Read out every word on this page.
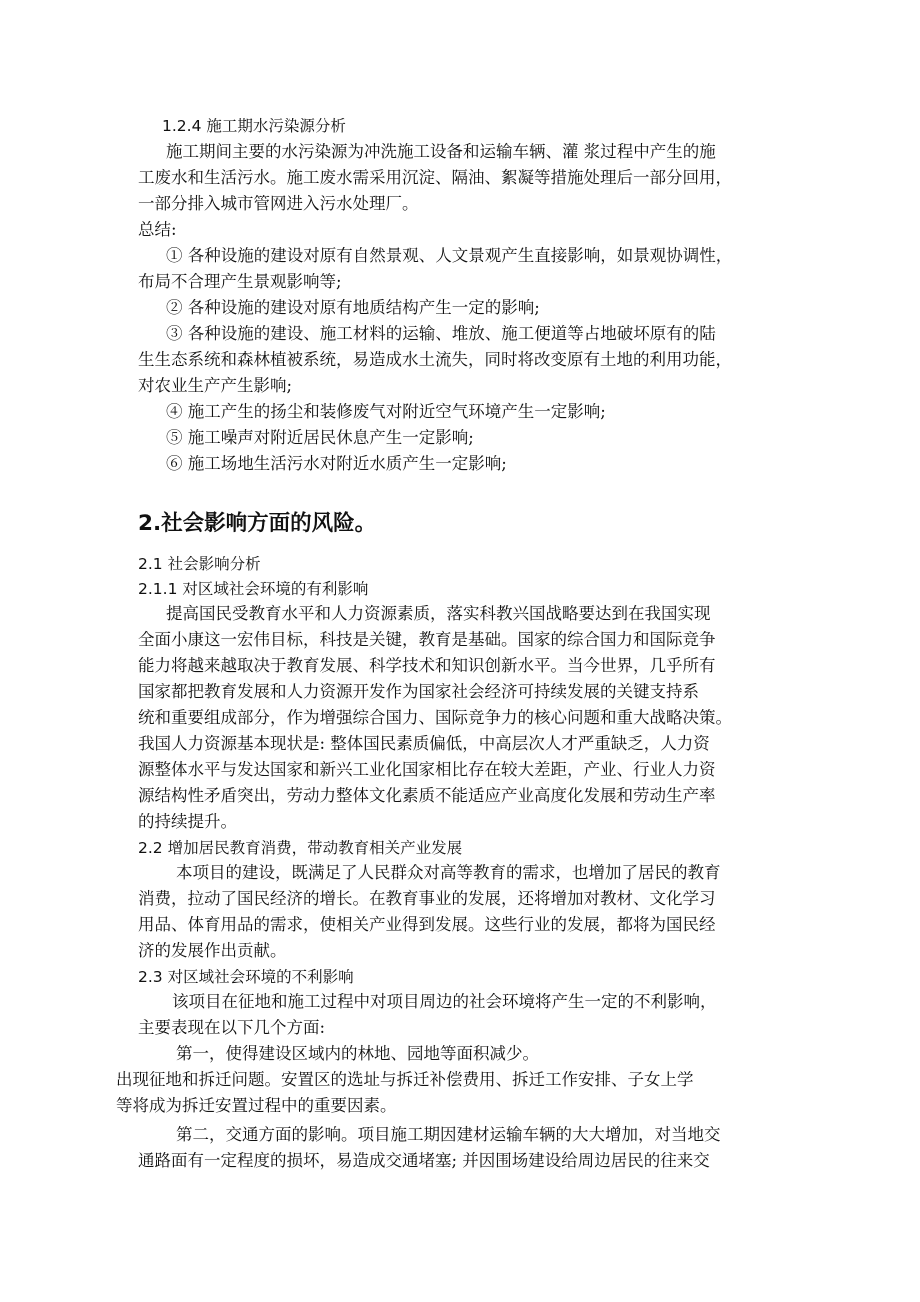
1.2.4 施工期水污染源分析
施工期间主要的水污染源为冲洗施工设备和运输车辆、灌 浆过程中产生的施
工废水和生活污水。施工废水需采用沉淀、隔油、絮凝等措施处理后一部分回用，
一部分排入城市管网进入污水处理厂。
总结:
① 各种设施的建设对原有自然景观、人文景观产生直接影响，如景观协调性，
布局不合理产生景观影响等;
② 各种设施的建设对原有地质结构产生一定的影响;
③ 各种设施的建设、施工材料的运输、堆放、施工便道等占地破坏原有的陆
生生态系统和森林植被系统，易造成水土流失，同时将改变原有土地的利用功能，
对农业生产产生影响;
④ 施工产生的扬尘和装修废气对附近空气环境产生一定影响;
⑤ 施工噪声对附近居民休息产生一定影响;
⑥ 施工场地生活污水对附近水质产生一定影响;
2.社会影响方面的风险。
2.1 社会影响分析
2.1.1 对区域社会环境的有利影响
提高国民受教育水平和人力资源素质，落实科教兴国战略要达到在我国实现
全面小康这一宏伟目标，科技是关键，教育是基础。国家的综合国力和国际竞争
能力将越来越取决于教育发展、科学技术和知识创新水平。当今世界，几乎所有
国家都把教育发展和人力资源开发作为国家社会经济可持续发展的关键支持系
统和重要组成部分，作为增强综合国力、国际竞争力的核心问题和重大战略决策。
我国人力资源基本现状是: 整体国民素质偏低，中高层次人才严重缺乏，人力资
源整体水平与发达国家和新兴工业化国家相比存在较大差距，产业、行业人力资
源结构性矛盾突出，劳动力整体文化素质不能适应产业高度化发展和劳动生产率
的持续提升。
2.2 增加居民教育消费，带动教育相关产业发展
本项目的建设，既满足了人民群众对高等教育的需求，也增加了居民的教育
消费，拉动了国民经济的增长。在教育事业的发展，还将增加对教材、文化学习
用品、体育用品的需求，使相关产业得到发展。这些行业的发展，都将为国民经
济的发展作出贡献。
2.3 对区域社会环境的不利影响
该项目在征地和施工过程中对项目周边的社会环境将产生一定的不利影响，
主要表现在以下几个方面:
第一，使得建设区域内的林地、园地等面积减少。
出现征地和拆迁问题。安置区的选址与拆迁补偿费用、拆迁工作安排、子女上学
等将成为拆迁安置过程中的重要因素。
第二，交通方面的影响。项目施工期因建材运输车辆的大大增加，对当地交
通路面有一定程度的损坏，易造成交通堵塞; 并因围场建设给周边居民的往来交
